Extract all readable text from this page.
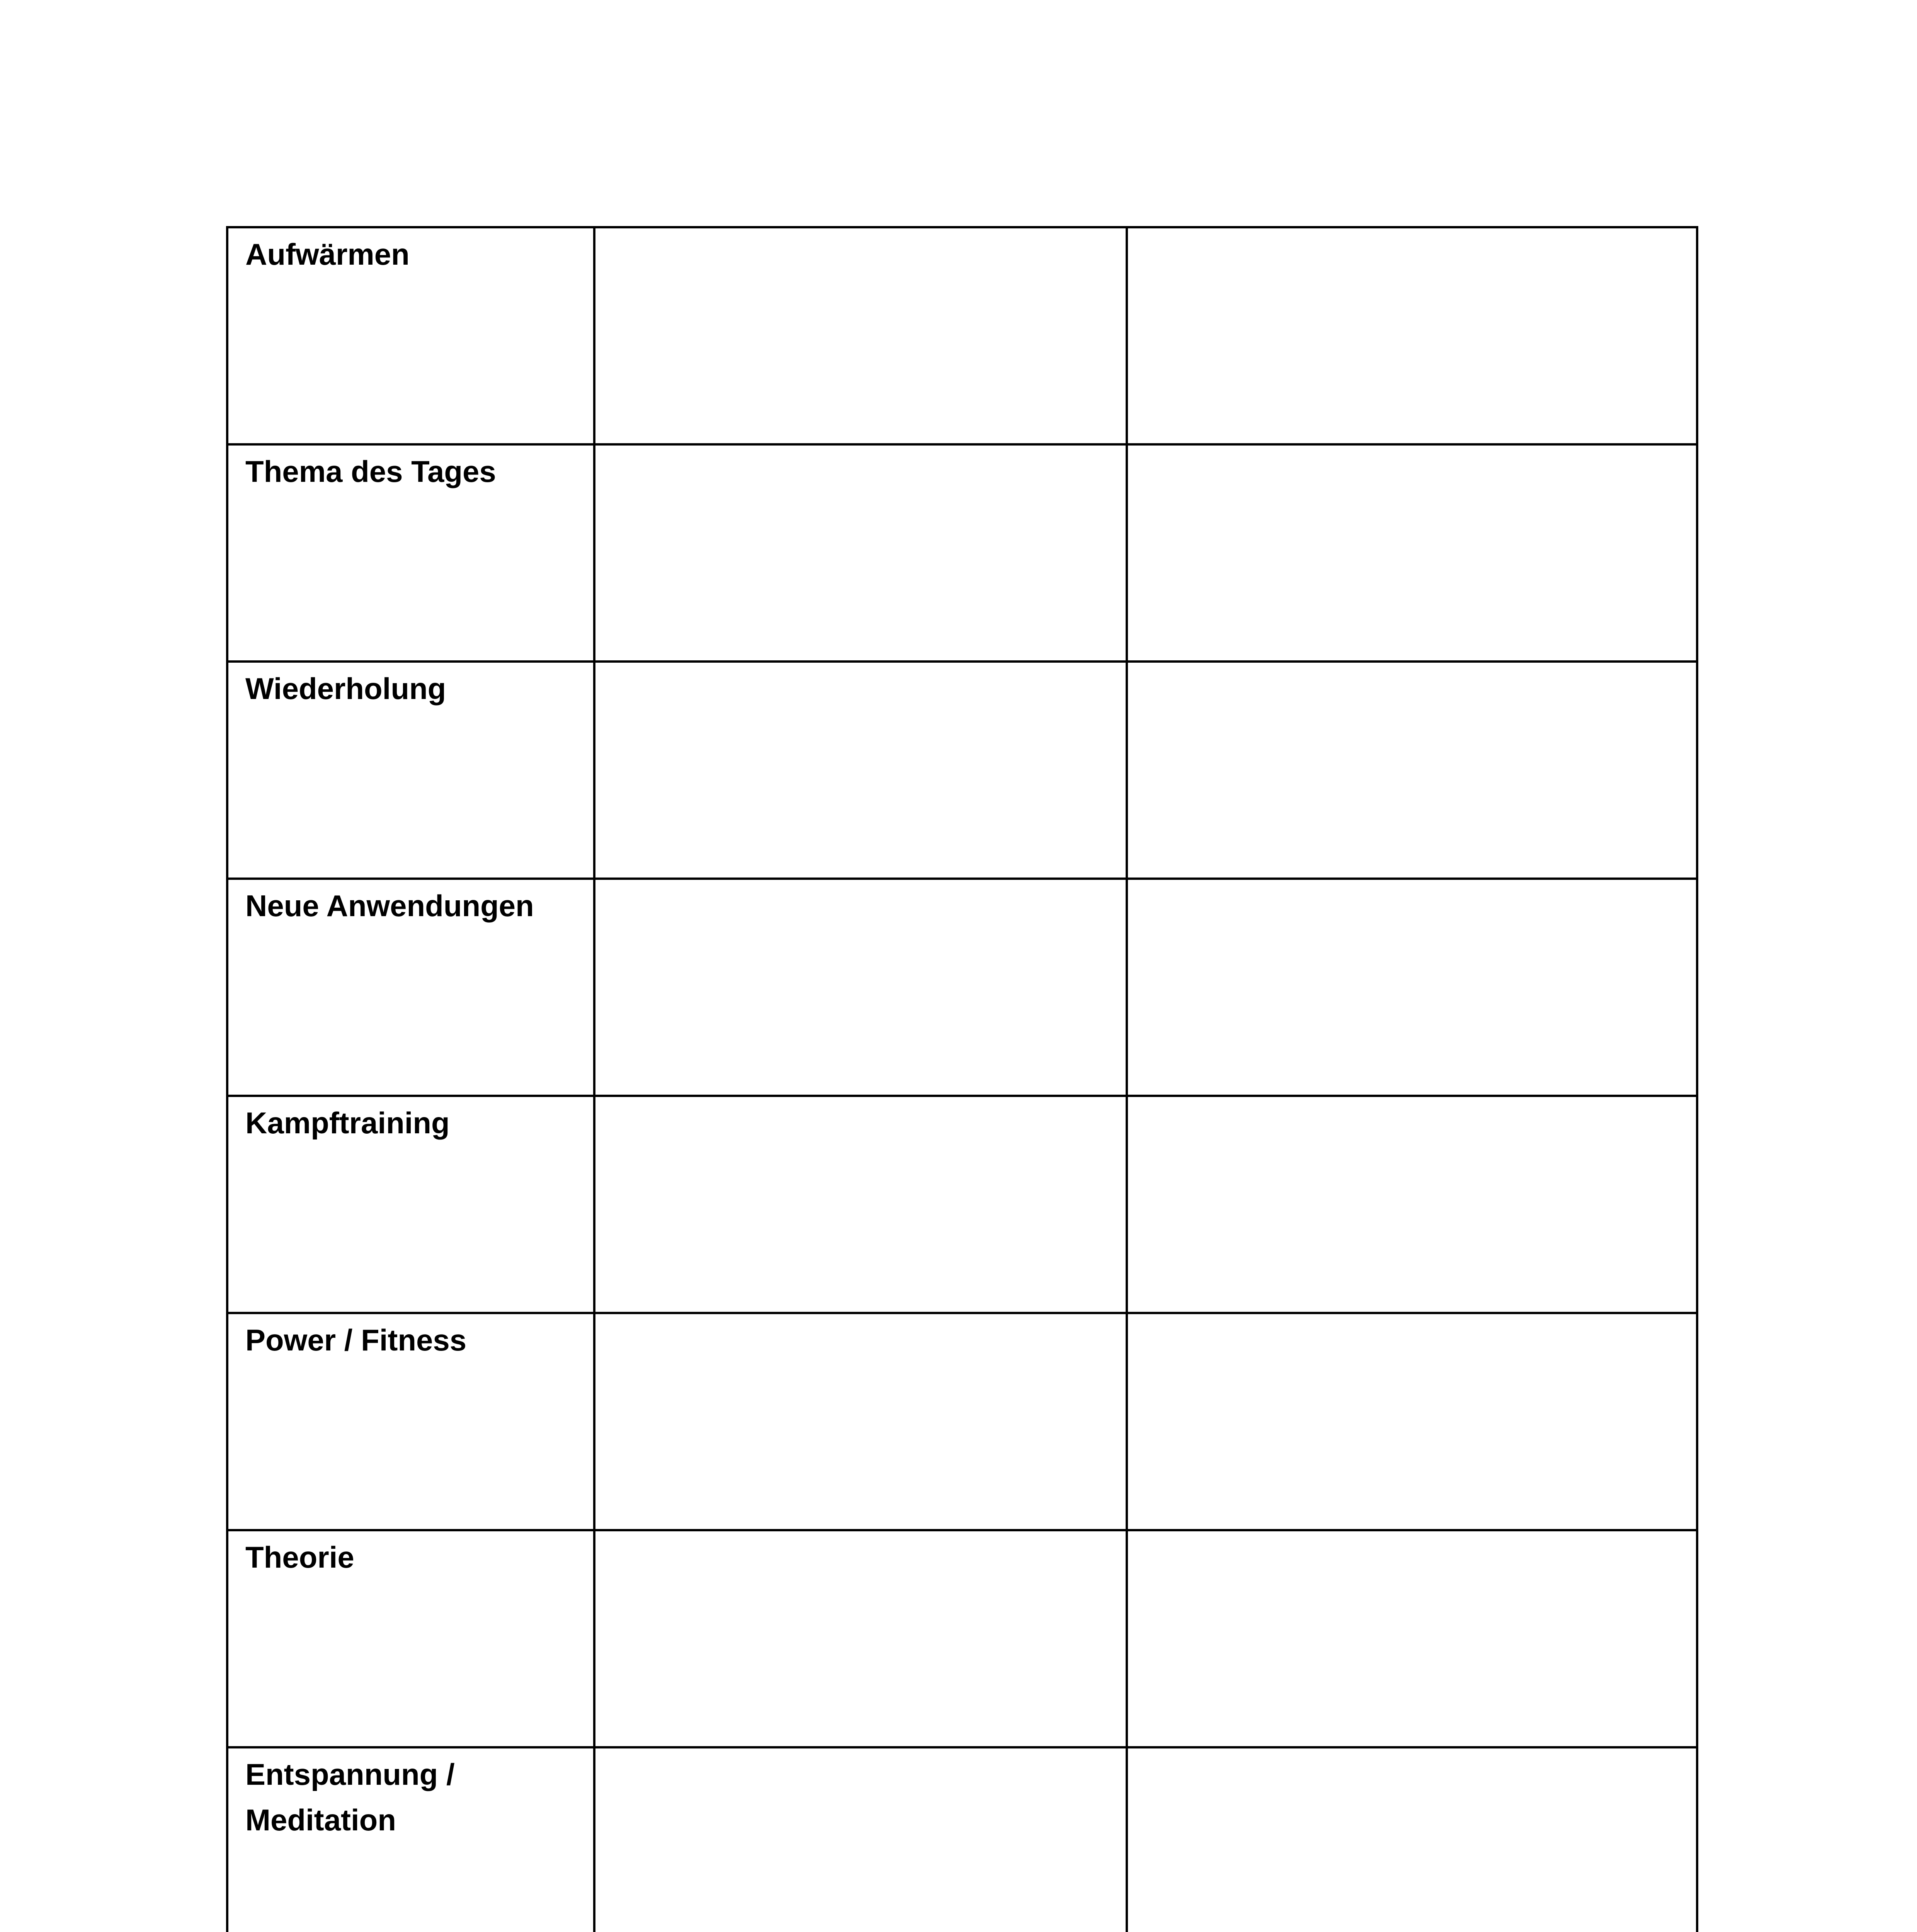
Aufwärmen		

Thema des Tages		

Wiederholung		

Neue Anwendungen		

Kampftraining		

Power / Fitness		

Theorie		

Entspannung /
Meditation		
